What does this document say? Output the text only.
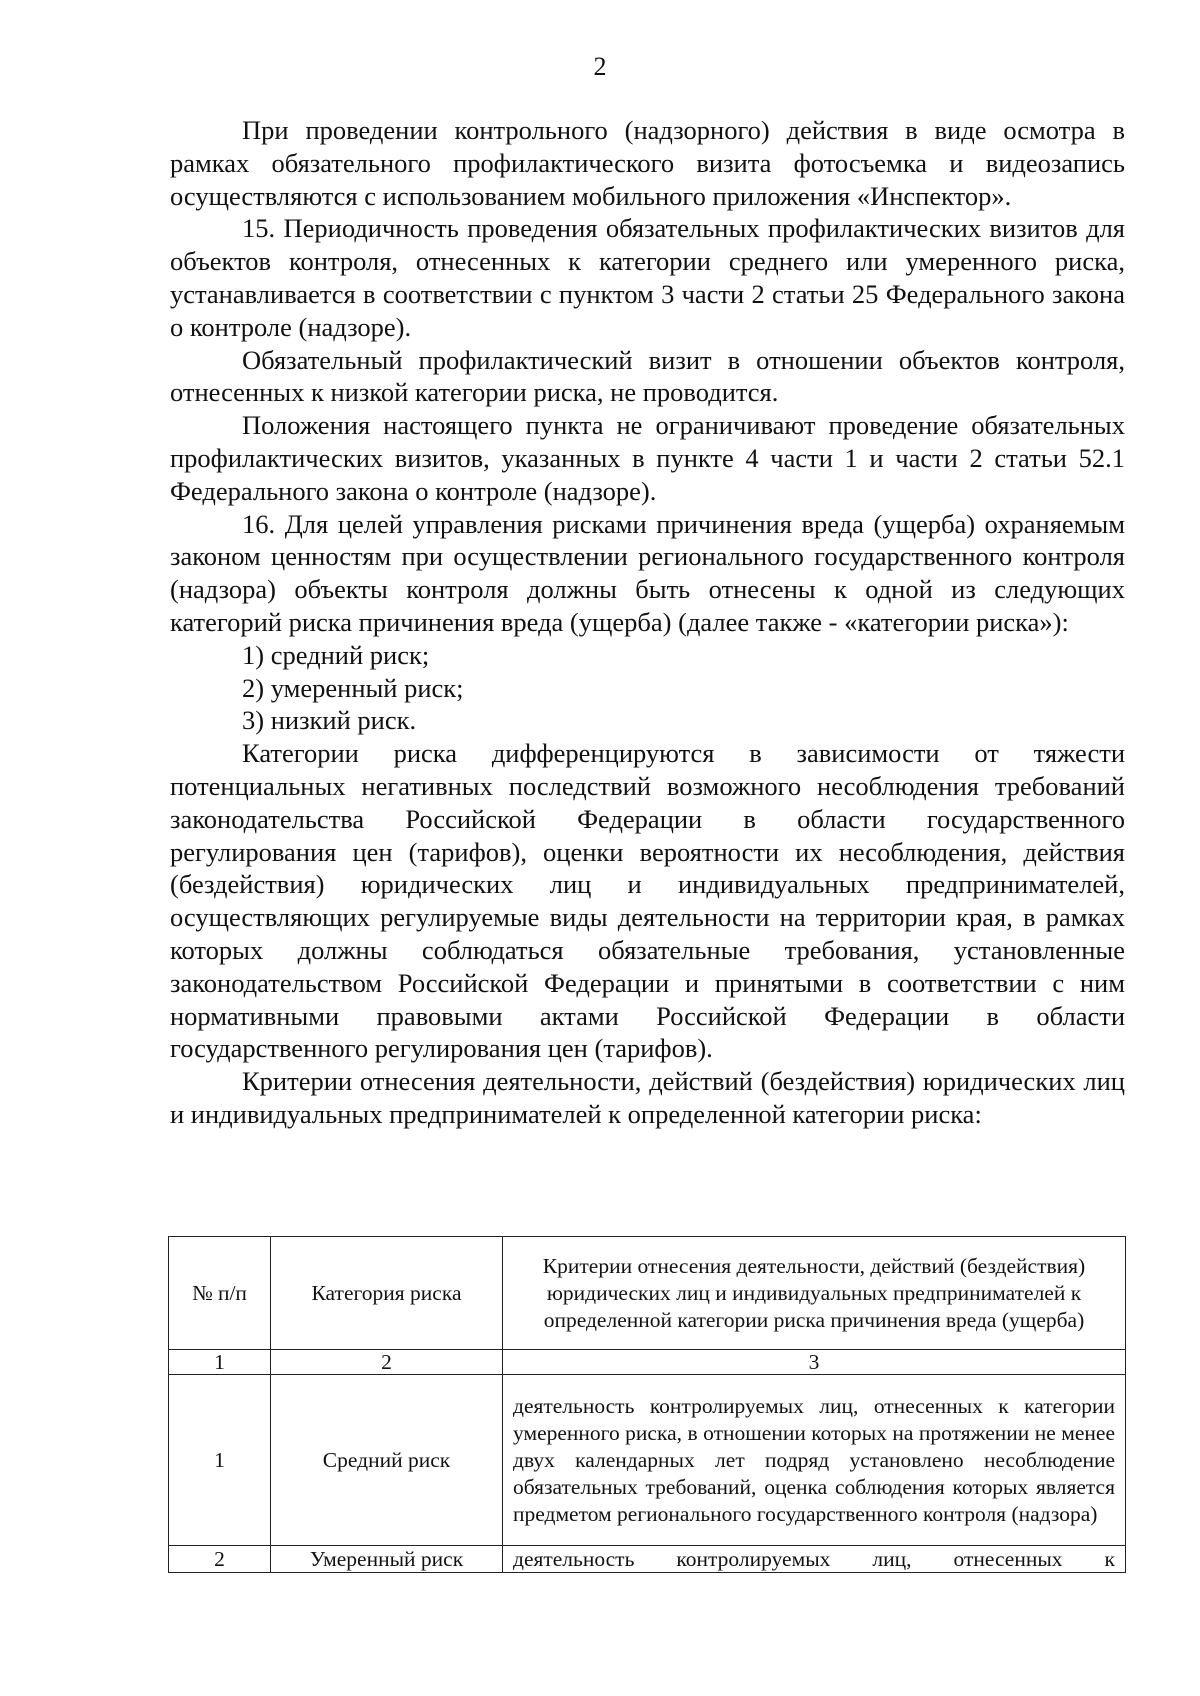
2

При проведении контрольного (надзорного) действия в виде осмотра в рамках обязательного профилактического визита фотосъемка и видеозапись осуществляются с использованием мобильного приложения «Инспектор».

15. Периодичность проведения обязательных профилактических визитов для объектов контроля, отнесенных к категории среднего или умеренного риска, устанавливается в соответствии с пунктом 3 части 2 статьи 25 Федерального закона о контроле (надзоре).

Обязательный профилактический визит в отношении объектов контроля, отнесенных к низкой категории риска, не проводится.

Положения настоящего пункта не ограничивают проведение обязательных профилактических визитов, указанных в пункте 4 части 1 и части 2 статьи 52.1 Федерального закона о контроле (надзоре).

16. Для целей управления рисками причинения вреда (ущерба) охраняемым законом ценностям при осуществлении регионального государственного контроля (надзора) объекты контроля должны быть отнесены к одной из следующих категорий риска причинения вреда (ущерба) (далее также - «категории риска»):

1) средний риск;

2) умеренный риск;

3) низкий риск.

Категории риска дифференцируются в зависимости от тяжести потенциальных негативных последствий возможного несоблюдения требований законодательства Российской Федерации в области государственного регулирования цен (тарифов), оценки вероятности их несоблюдения, действия (бездействия) юридических лиц и индивидуальных предпринимателей, осуществляющих регулируемые виды деятельности на территории края, в рамках которых должны соблюдаться обязательные требования, установленные законодательством Российской Федерации и принятыми в соответствии с ним нормативными правовыми актами Российской Федерации в области государственного регулирования цен (тарифов).

Критерии отнесения деятельности, действий (бездействия) юридических лиц и индивидуальных предпринимателей к определенной категории риска:

№ п/п	Категория риска	Критерии отнесения деятельности, действий (бездействия) юридических лиц и индивидуальных предпринимателей к определенной категории риска причинения вреда (ущерба)
1	2	3
1	Средний риск	деятельность контролируемых лиц, отнесенных к категории умеренного риска, в отношении которых на протяжении не менее двух календарных лет подряд установлено несоблюдение обязательных требований, оценка соблюдения которых является предметом регионального государственного контроля (надзора)
2	Умеренный риск	деятельность контролируемых лиц, отнесенных к
